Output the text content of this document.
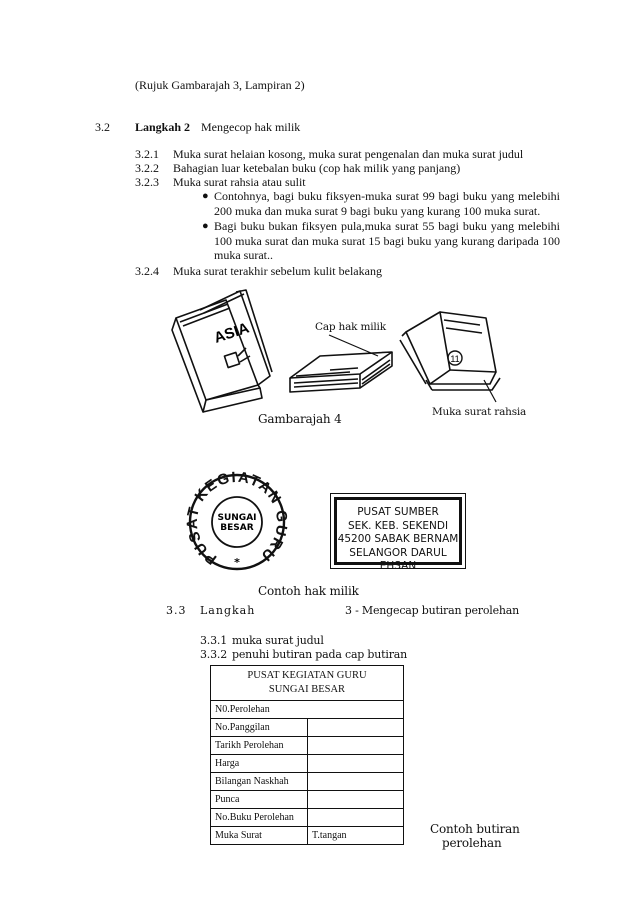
(Rujuk Gambarajah 3, Lampiran 2)
3.2 Langkah 2 Mengecop hak milik
3.2.1 Muka surat helaian kosong, muka surat pengenalan dan muka surat judul
3.2.2 Bahagian luar ketebalan buku (cop hak milik yang panjang)
3.2.3 Muka surat rahsia atau sulit
● Contohnya, bagi buku fiksyen-muka surat 99 bagi buku yang melebihi 200 muka dan muka surat 9 bagi buku yang kurang 100 muka surat.
● Bagi buku bukan fiksyen pula,muka surat 55 bagi buku yang melebihi 100 muka surat dan muka surat 15 bagi buku yang kurang daripada 100 muka surat..
3.2.4 Muka surat terakhir sebelum kulit belakang
ASIA
11
Cap hak milik
Muka surat rahsia
Gambarajah 4
PUSAT KEGIATAN GURU
SUNGAI
BESAR
*
PUSAT SUMBER
SEK. KEB. SEKENDI
45200 SABAK BERNAM
SELANGOR DARUL EHSAN
Contoh hak milik
3.3 Langkah	3 - Mengecap butiran perolehan
3.3.1 muka surat judul
3.3.2 penuhi butiran pada cap butiran
PUSAT KEGIATAN GURU
SUNGAI BESAR	

N0.Perolehan	
No.Panggilan	
Tarikh Perolehan	
Harga	
Bilangan Naskhah	
Punca	
No.Buku Perolehan	
Muka Surat	T.tangan	Contoh butiran
perolehan
